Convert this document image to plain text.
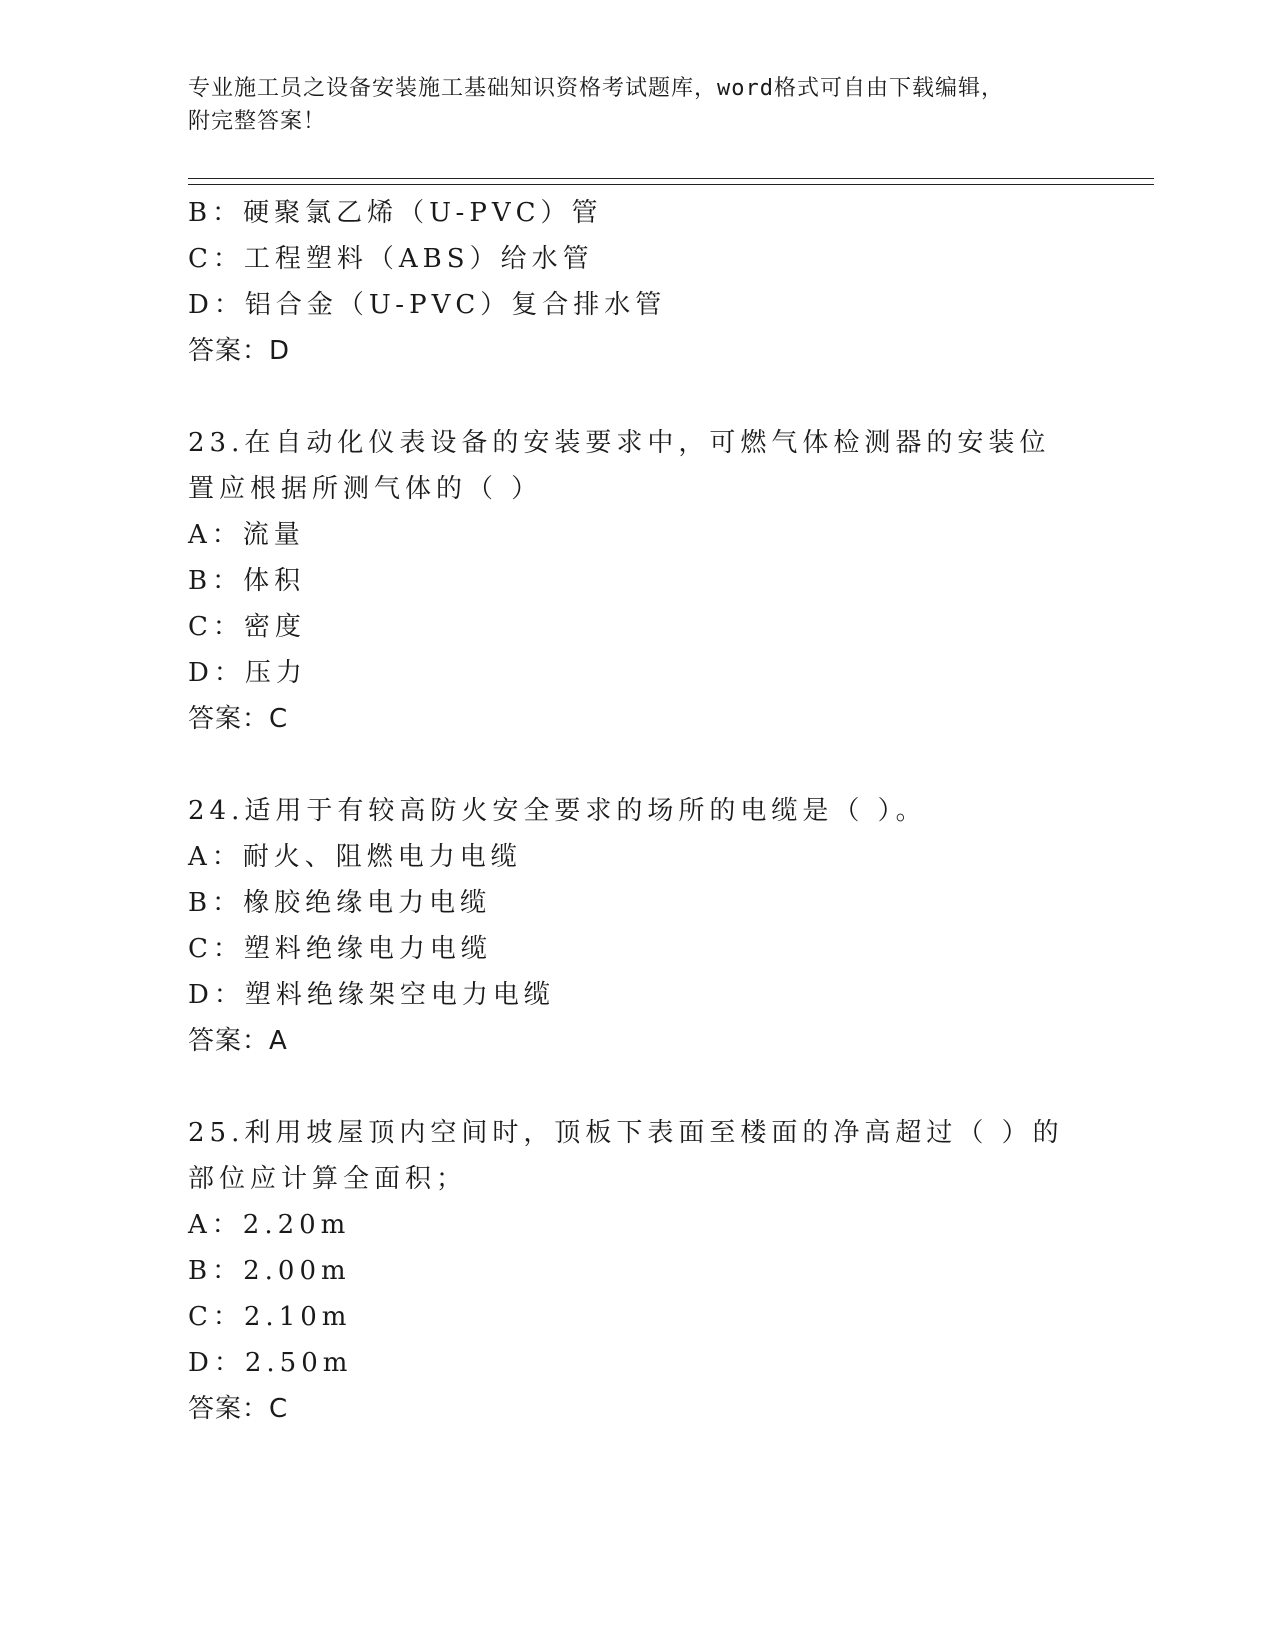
专业施工员之设备安装施工基础知识资格考试题库，word格式可自由下载编辑，
附完整答案！
B：硬聚氯乙烯（U-PVC）管
C：工程塑料（ABS）给水管
D：铝合金（U-PVC）复合排水管
答案：D
23.在自动化仪表设备的安装要求中，可燃气体检测器的安装位置应根据所测气体的（ ）
A：流量
B：体积
C：密度
D：压力
答案：C
24.适用于有较高防火安全要求的场所的电缆是（ ）。
A：耐火、阻燃电力电缆
B：橡胶绝缘电力电缆
C：塑料绝缘电力电缆
D：塑料绝缘架空电力电缆
答案：A
25.利用坡屋顶内空间时，顶板下表面至楼面的净高超过（ ）的部位应计算全面积；
A：2.20m
B：2.00m
C：2.10m
D：2.50m
答案：C
